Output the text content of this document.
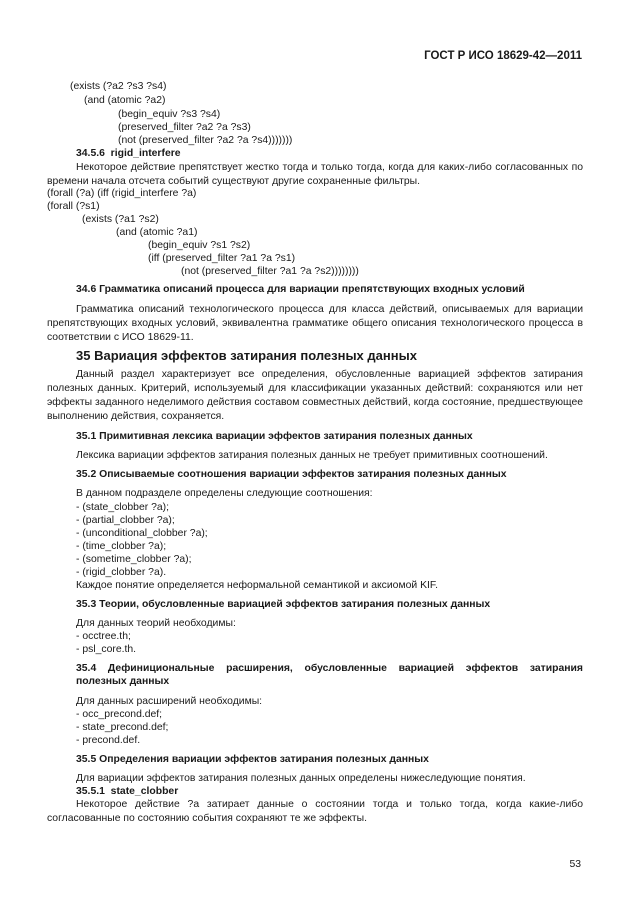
ГОСТ Р ИСО 18629-42—2011
(exists (?a2 ?s3 ?s4)
(and (atomic ?a2)
(begin_equiv ?s3 ?s4)
(preserved_filter ?a2 ?a ?s3)
(not (preserved_filter ?a2 ?a ?s4)))))))
34.5.6 rigid_interfere
Некоторое действие препятствует жестко тогда и только тогда, когда для каких-либо согласованных по времени начала отсчета событий существуют другие сохраненные фильтры.
(forall (?a) (iff (rigid_interfere ?a)
(forall (?s1)
(exists (?a1 ?s2)
(and (atomic ?a1)
(begin_equiv ?s1 ?s2)
(iff (preserved_filter ?a1 ?a ?s1)
(not (preserved_filter ?a1 ?a ?s2))))))))
34.6 Грамматика описаний процесса для вариации препятствующих входных условий
Грамматика описаний технологического процесса для класса действий, описываемых для вариации препятствующих входных условий, эквивалентна грамматике общего описания технологического процесса в соответствии с ИСО 18629-11.
35 Вариация эффектов затирания полезных данных
Данный раздел характеризует все определения, обусловленные вариацией эффектов затирания полезных данных. Критерий, используемый для классификации указанных действий: сохраняются или нет эффекты заданного неделимого действия составом совместных действий, когда состояние, предшествующее выполнению действия, сохраняется.
35.1 Примитивная лексика вариации эффектов затирания полезных данных
Лексика вариации эффектов затирания полезных данных не требует примитивных соотношений.
35.2 Описываемые соотношения вариации эффектов затирания полезных данных
В данном подразделе определены следующие соотношения:
- (state_clobber ?a);
- (partial_clobber ?a);
- (unconditional_clobber ?a);
- (time_clobber ?a);
- (sometime_clobber ?a);
- (rigid_clobber ?a).
Каждое понятие определяется неформальной семантикой и аксиомой KIF.
35.3 Теории, обусловленные вариацией эффектов затирания полезных данных
Для данных теорий необходимы:
- occtree.th;
- psl_core.th.
35.4 Дефинициональные расширения, обусловленные вариацией эффектов затирания
полезных данных
Для данных расширений необходимы:
- occ_precond.def;
- state_precond.def;
- precond.def.
35.5 Определения вариации эффектов затирания полезных данных
Для вариации эффектов затирания полезных данных определены нижеследующие понятия.
35.5.1 state_clobber
Некоторое действие ?a затирает данные о состоянии тогда и только тогда, когда какие-либо согласованные по состоянию события сохраняют те же эффекты.
53
